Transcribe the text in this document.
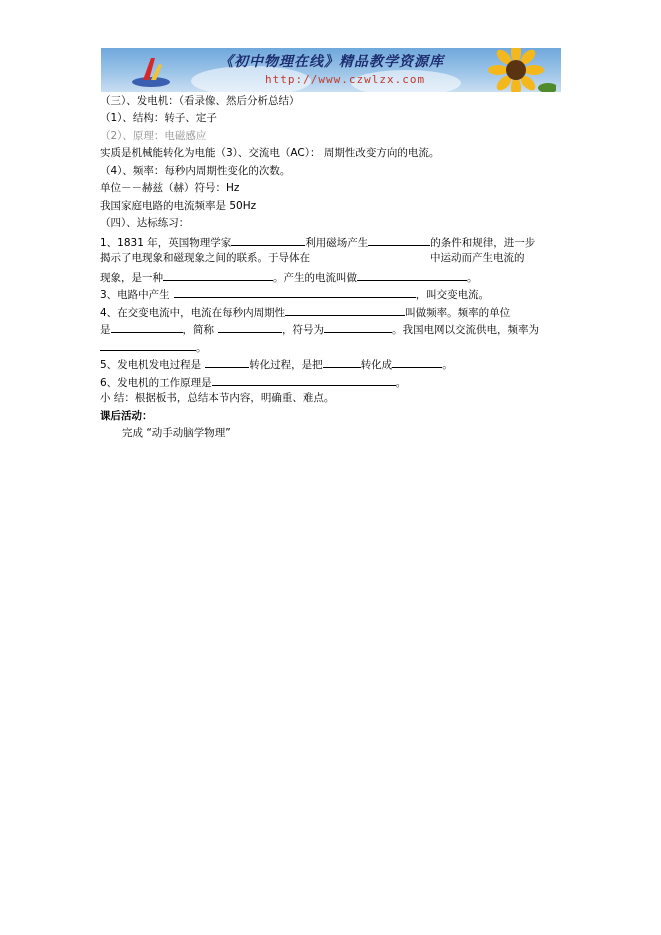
《初中物理在线》精品教学资源库
http://www.czwlzx.com
（三）、发电机：（看录像、然后分析总结）
（1）、结构：转子、定子
（2）、原理：电磁感应
实质是机械能转化为电能（3）、交流电（AC）： 周期性改变方向的电流。
（4）、频率：每秒内周期性变化的次数。
单位－－赫兹（赫）符号：Hz
我国家庭电路的电流频率是 50Hz
（四）、达标练习：
1、1831 年，英国物理学家	利用磁场产生	的条件和规律，进一步
揭示了电现象和磁现象之间的联系。于导体在	中运动而产生电流的
现象，是一种	。产生的电流叫做	。
3、电路中产生	，叫交变电流。
4、在交变电流中，电流在每秒内周期性	叫做频率。频率的单位
是	，简称	，符号为	。我国电网以交流供电，频率为
。
5、发电机发电过程是	转化过程，是把	转化成	。
6、发电机的工作原理是	。
小 结：根据板书，总结本节内容，明确重、难点。
课后活动：
完成 “动手动脑学物理”
